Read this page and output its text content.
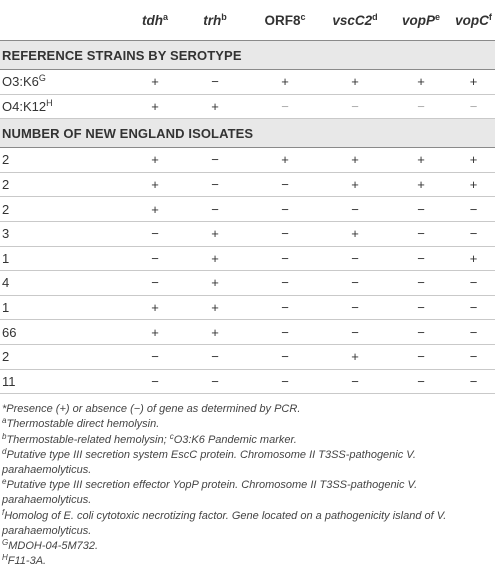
	tdh$^a$	trh$^b$	ORF8$^c$	vscC2$^d$	vopP$^e$	vopC$^f$
REFERENCE STRAINS BY SEROTYPE						
$O3:K6^G$	+	−	+	+	+	+
$O4:K12^H$	+	+	−	−	−	−
NUMBER OF NEW ENGLAND ISOLATES						
2	+	−	+	+	+	+
2	+	−	−	+	+	+
2	+	−	−	−	−	−
3	−	+	−	+	−	−
1	−	+	−	−	−	+
4	−	+	−	−	−	−
1	+	+	−	−	−	−
66	+	+	−	−	−	−
2	−	−	−	+	−	−
11	−	−	−	−	−	−

*Presence (+) or absence (−) of gene as determined by PCR.

$^a$Thermostable direct hemolysin.

$^b$Thermostable-related hemolysin; $^c$O3:K6 Pandemic marker.

$^d$Putative type III secretion system EscC protein. Chromosome II T3SS-pathogenic V. parahaemolyticus.

$^e$Putative type III secretion effector YopP protein. Chromosome II T3SS-pathogenic V. parahaemolyticus.

$^f$Homolog of E. coli cytotoxic necrotizing factor. Gene located on a pathogenicity island of V. parahaemolyticus.

$^G$MDOH-04-5M732.

$^H$F11-3A.
